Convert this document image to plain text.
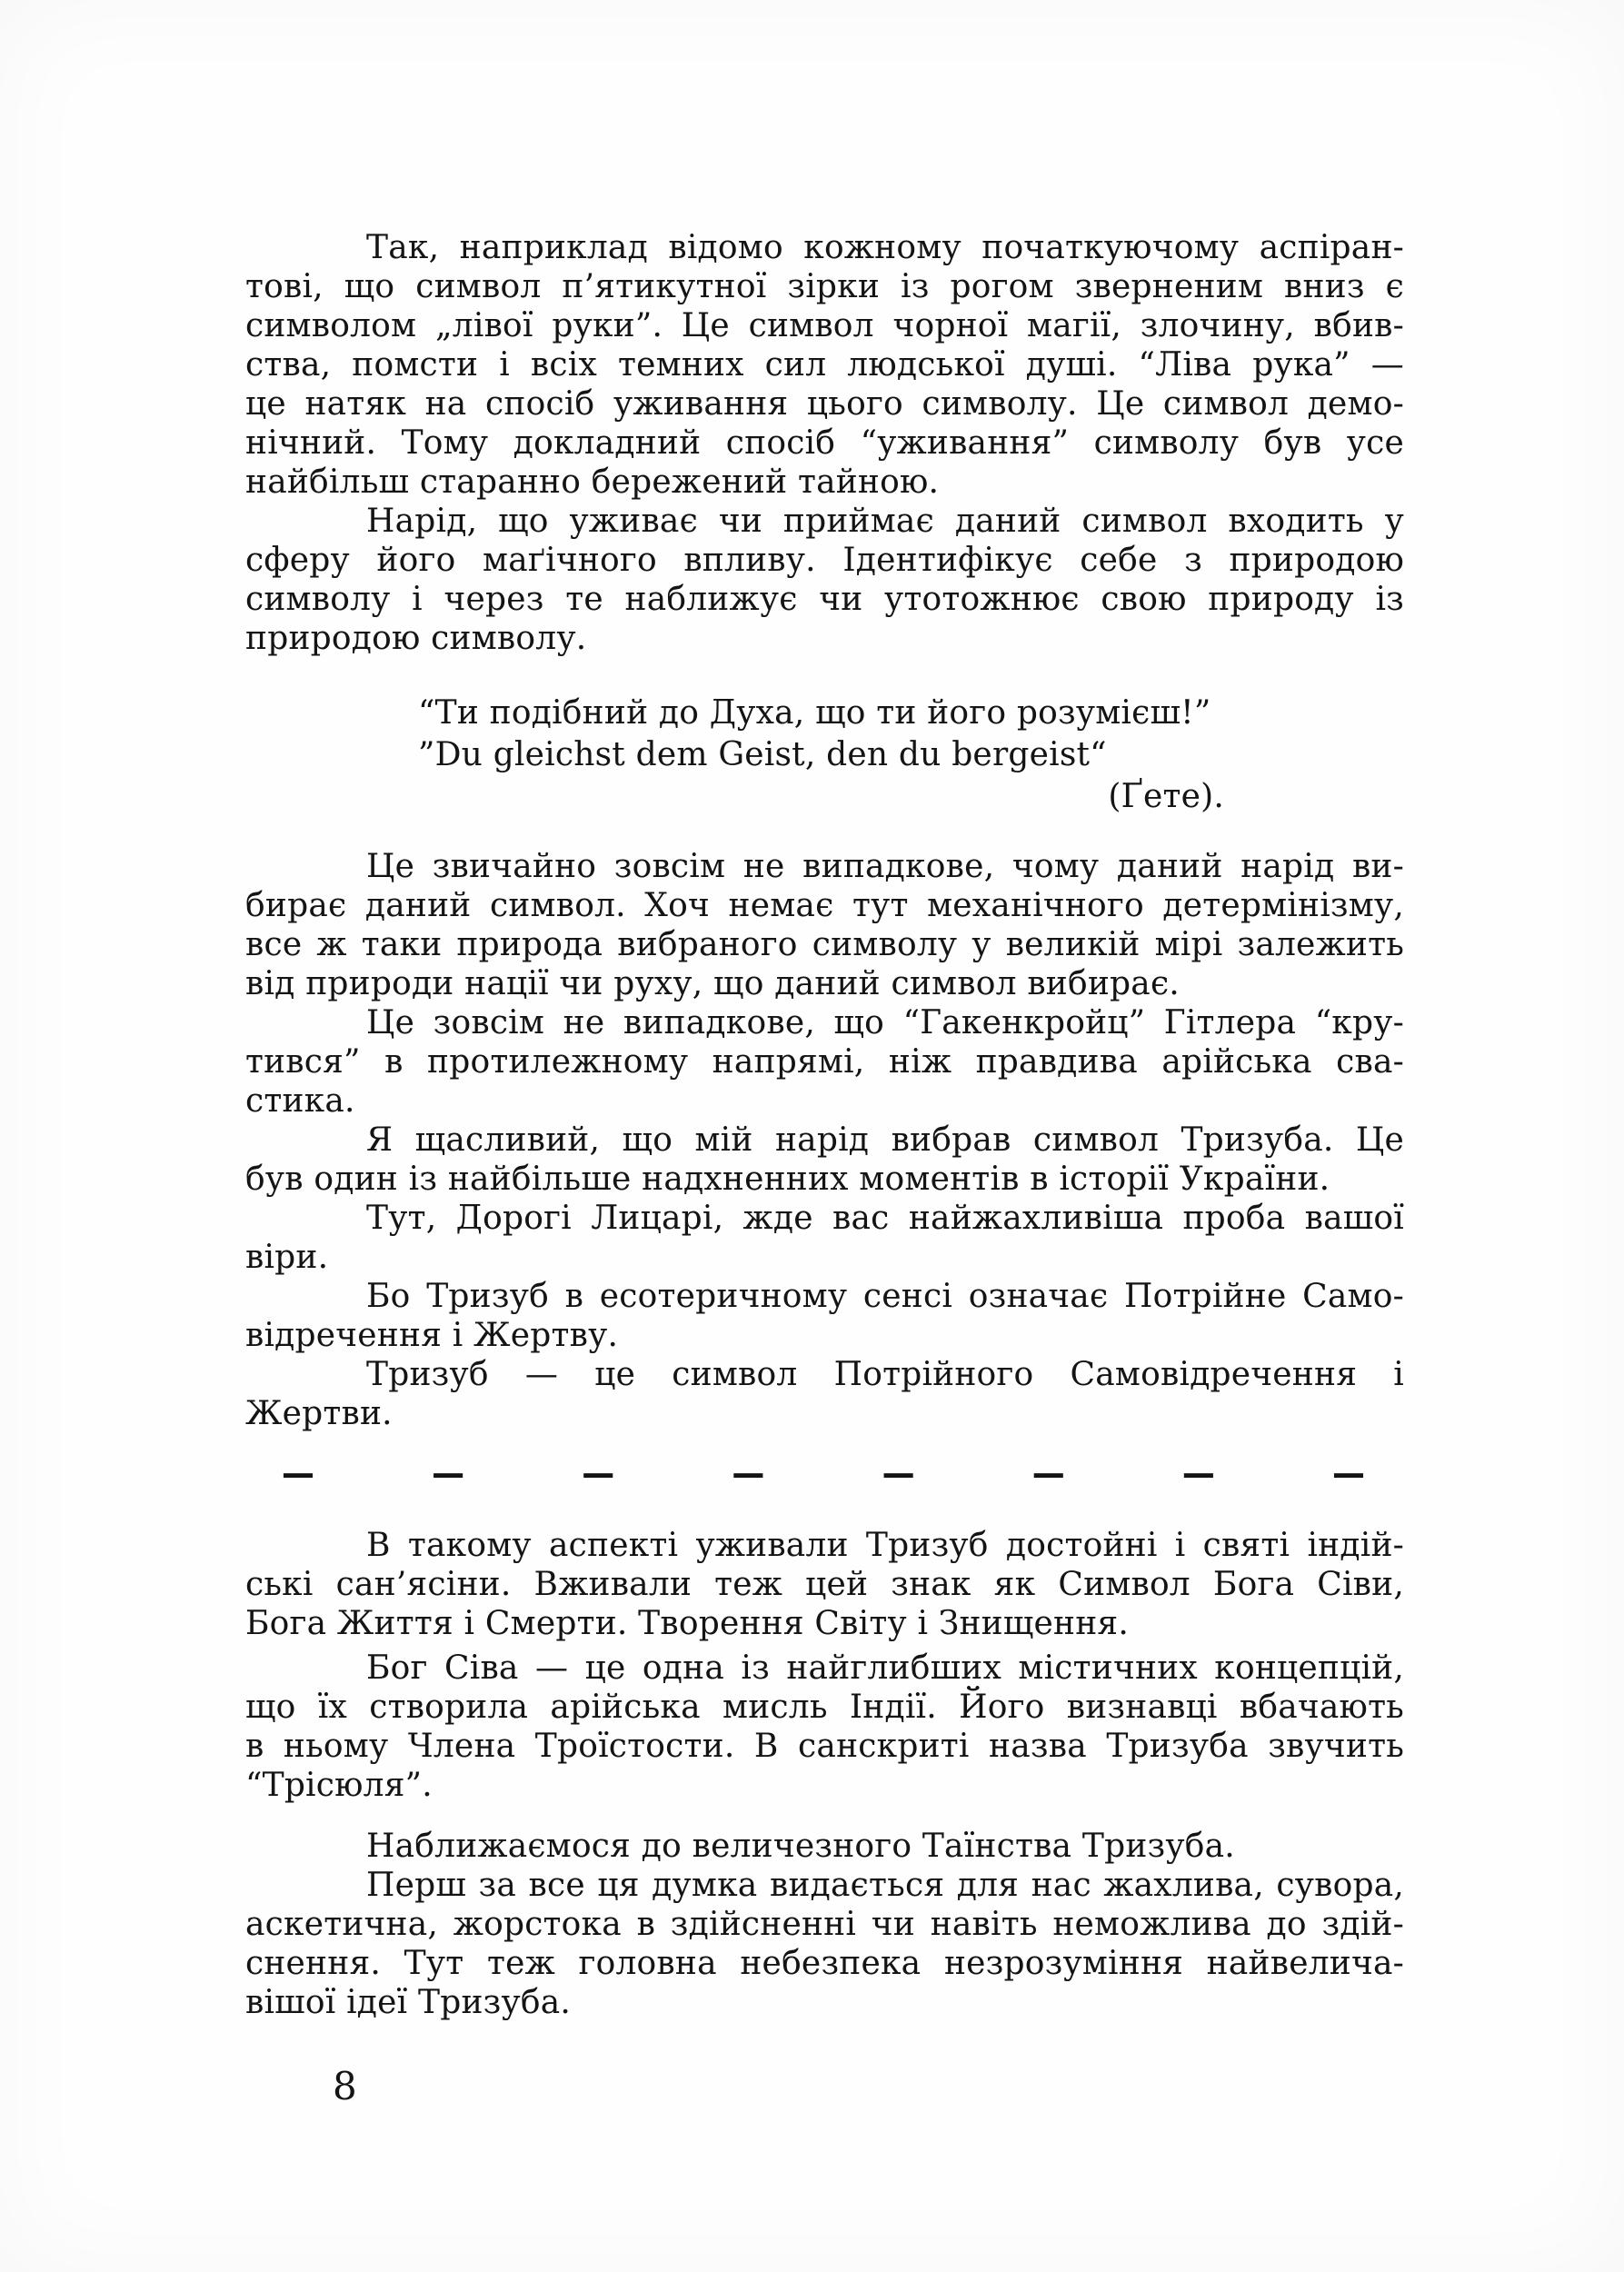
Так, наприклад відомо кожному початкуючому аспіран-
тові, що символ п’ятикутної зірки із рогом зверненим вниз є
символом „лівої руки”. Це символ чорної магії, злочину, вбив-
ства, помсти і всіх темних сил людської душі. “Ліва рука” —
це натяк на спосіб уживання цього символу. Це символ демо-
нічний. Тому докладний спосіб “уживання” символу був усе
найбільш старанно бережений тайною.
Нарід, що уживає чи приймає даний символ входить у
сферу його маґічного впливу. Ідентифікує себе з природою
символу і через те наближує чи утотожнює свою природу із
природою символу.
“Ти подібний до Духа, що ти його розумієш!”
”Du gleichst dem Geist, den du bergeist“
(Ґете).
Це звичайно зовсім не випадкове, чому даний нарід ви-
бирає даний символ. Хоч немає тут механічного детермінізму,
все ж таки природа вибраного символу у великій мірі залежить
від природи нації чи руху, що даний символ вибирає.
Це зовсім не випадкове, що “Гакенкройц” Гітлера “кру-
тився” в протилежному напрямі, ніж правдива арійська сва-
стика.
Я щасливий, що мій нарід вибрав символ Тризуба. Це
був один із найбільше надхненних моментів в історії України.
Тут, Дорогі Лицарі, жде вас найжахливіша проба вашої
віри.
Бо Тризуб в есотеричному сенсі означає Потрійне Само-
відречення і Жертву.
Тризуб — це символ Потрійного Самовідречення і
Жертви.
—	—	—	—	—	—	—	—
В такому аспекті уживали Тризуб достойні і святі індій-
ські сан’ясіни. Вживали теж цей знак як Символ Бога Сіви,
Бога Життя і Смерти. Творення Світу і Знищення.
Бог Сіва — це одна із найглибших містичних концепцій,
що їх створила арійська мисль Індії. Його визнавці вбачають
в ньому Члена Троїстости. В санскриті назва Тризуба звучить
“Трісюля”.
Наближаємося до величезного Таїнства Тризуба.
Перш за все ця думка видається для нас жахлива, сувора,
аскетична, жорстока в здійсненні чи навіть неможлива до здій-
снення. Тут теж головна небезпека незрозуміння найвелича-
вішої ідеї Тризуба.
8
